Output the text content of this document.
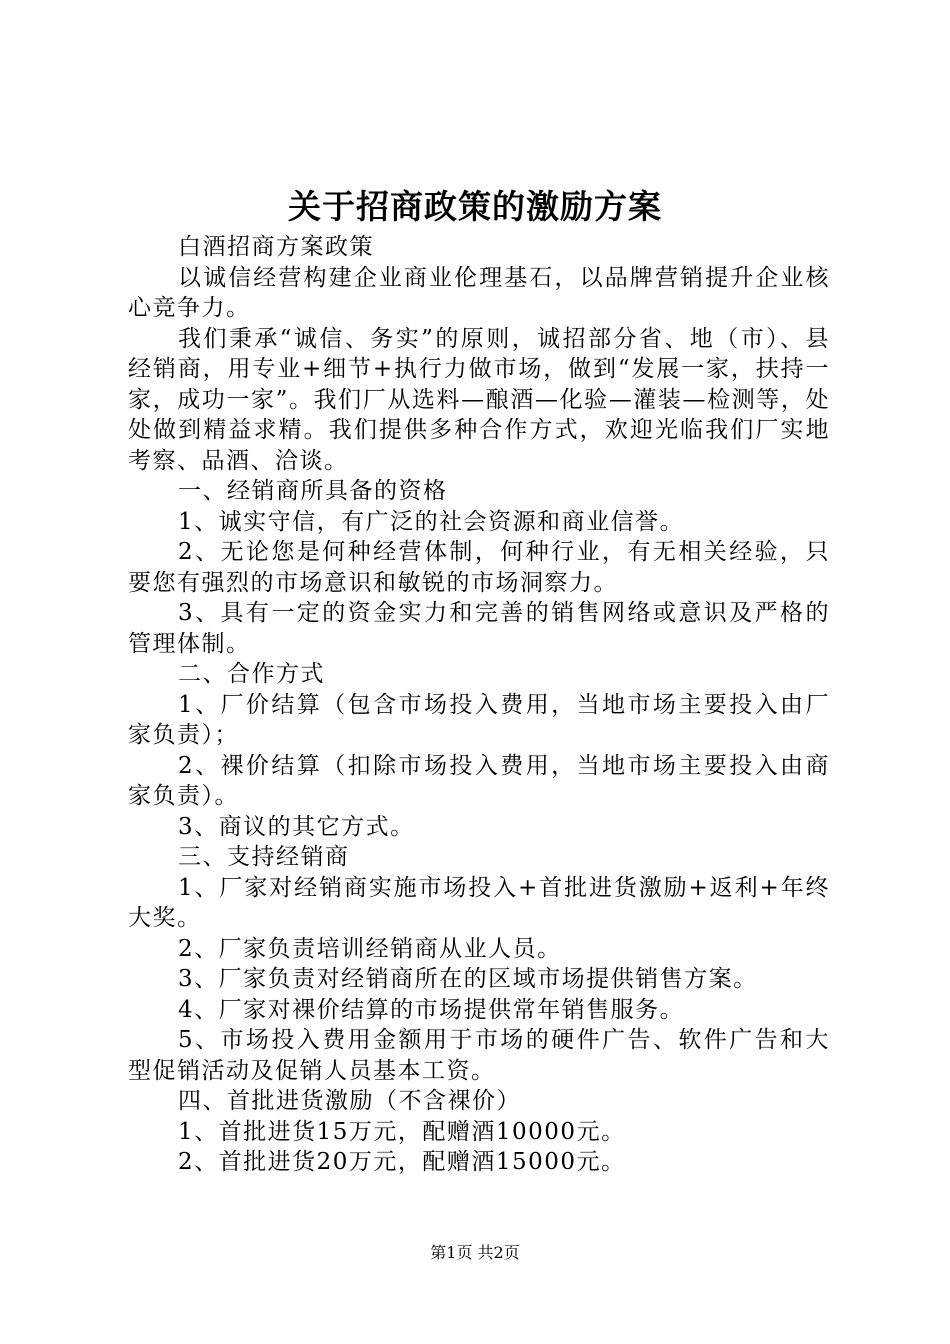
关于招商政策的激励方案

白酒招商方案政策

以诚信经营构建企业商业伦理基石，以品牌营销提升企业核心竞争力。

我们秉承“诚信、务实”的原则，诚招部分省、地（市）、县经销商，用专业+细节+执行力做市场，做到“发展一家，扶持一家，成功一家”。我们厂从选料—酿酒—化验—灌装—检测等，处处做到精益求精。我们提供多种合作方式，欢迎光临我们厂实地考察、品酒、洽谈。

一、经销商所具备的资格

1、诚实守信，有广泛的社会资源和商业信誉。

2、无论您是何种经营体制，何种行业，有无相关经验，只要您有强烈的市场意识和敏锐的市场洞察力。

3、具有一定的资金实力和完善的销售网络或意识及严格的管理体制。

二、合作方式

1、厂价结算（包含市场投入费用，当地市场主要投入由厂家负责）；

2、裸价结算（扣除市场投入费用，当地市场主要投入由商家负责）。

3、商议的其它方式。

三、支持经销商

1、厂家对经销商实施市场投入+首批进货激励+返利+年终大奖。

2、厂家负责培训经销商从业人员。

3、厂家负责对经销商所在的区域市场提供销售方案。

4、厂家对裸价结算的市场提供常年销售服务。

5、市场投入费用金额用于市场的硬件广告、软件广告和大型促销活动及促销人员基本工资。

四、首批进货激励（不含裸价）

1、首批进货15万元，配赠酒10000元。

2、首批进货20万元，配赠酒15000元。

第1页 共2页
